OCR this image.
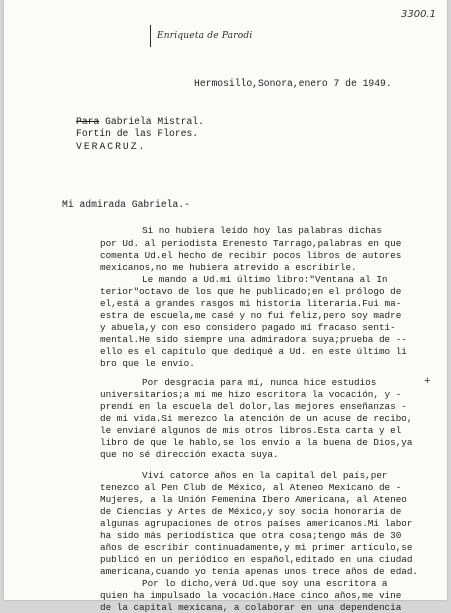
3300.1
Enriqueta de Parodi
Hermosillo,Sonora,enero 7 de 1949.
Para Gabriela Mistral.
Fortín de las Flores.
VERACRUZ.
Mi admirada Gabriela.-
Si no hubiera leído hoy las palabras dichas
por Ud. al periodista Erenesto Tarrago,palabras en que
comenta Ud.el hecho de recibir pocos libros de autores
mexicanos,no me hubiera atrevido a escribirle.
Le mando a Ud.mi último libro:"Ventana al In
terior"octavo de los que he publicado;en el prólogo de
el,está a grandes rasgos mi historia literaria.Fui ma-
estra de escuela,me casé y no fui feliz,pero soy madre
y abuela,y con eso considero pagado mi fracaso senti-
mental.He sido siempre una admiradora suya;prueba de --
ello es el capítulo que dediqué a Ud. en este último li
bro que le envío.
Por desgracia para mí, nunca hice estudios
universitarios;a mí me hizo escritora la vocación, y -
prendí en la escuela del dolor,las mejores enseñanzas -
de mi vida.Si merezco la atención de un acuse de recibo,
le enviaré algunos de mis otros libros.Esta carta y el
libro de que le hablo,se los envío a la buena de Dios,ya
que no sé dirección exacta suya.
Viví catorce años en la capital del país,per
tenezco al Pen Club de México, al Ateneo Mexicano de -
Mujeres, a la Unión Femenina Ibero Americana, al Ateneo
de Ciencias y Artes de México,y soy socia honoraria de
algunas agrupaciones de otros países americanos.Mi labor
ha sido más periodística que otra cosa;tengo más de 30
años de escribir continuadamente,y mi primer artículo,se
publicó en un periódico en español,editado en una ciudad
americana,cuando yo tenía apenas unos trece años de edad.
Por lo dicho,verá Ud.que soy una escritora a
quien ha impulsado la vocación.Hace cinco años,me vine
de la capital mexicana, a colaborar en una dependencia
+
